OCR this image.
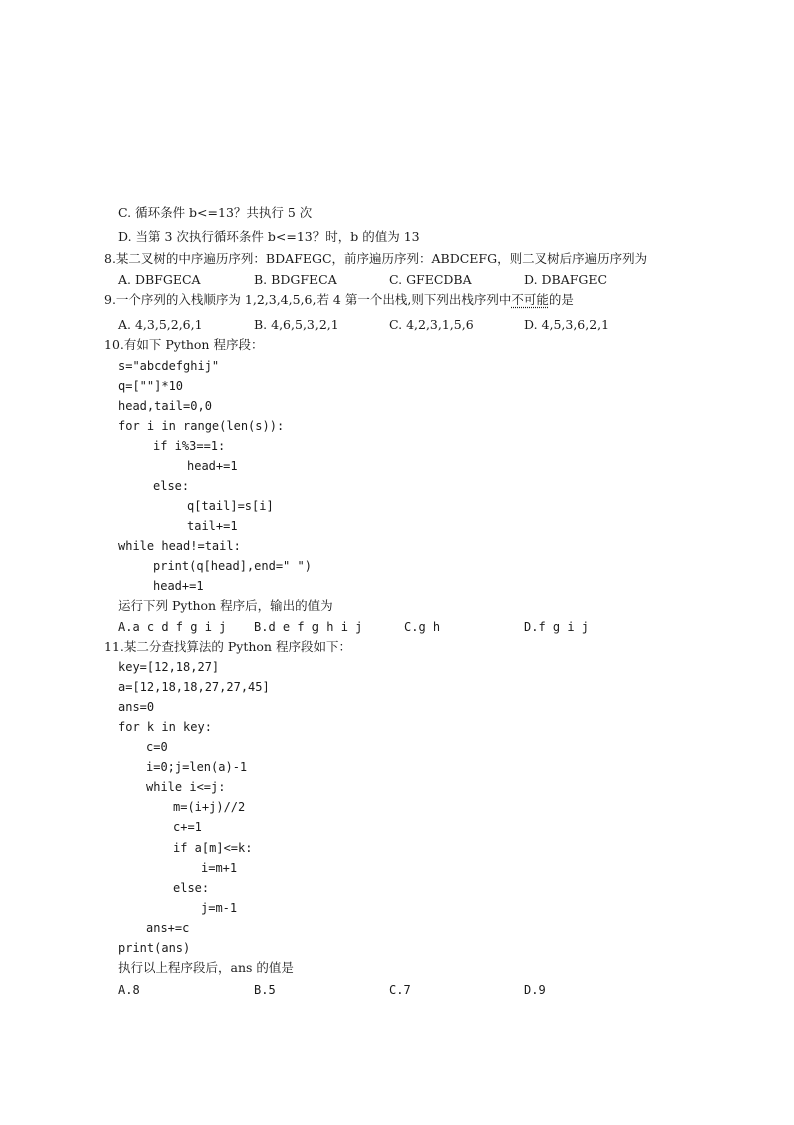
C. 循环条件 b<=13？共执行 5 次
D. 当第 3 次执行循环条件 b<=13？时，b 的值为 13
8.某二叉树的中序遍历序列：BDAFEGC，前序遍历序列：ABDCEFG，则二叉树后序遍历序列为
A. DBFGECA	B. BDGFECA	C. GFECDBA	D. DBAFGEC
9.一个序列的入栈顺序为 1,2,3,4,5,6,若 4 第一个出栈,则下列出栈序列中不可能的是
A. 4,3,5,2,6,1	B. 4,6,5,3,2,1	C. 4,2,3,1,5,6	D. 4,5,3,6,2,1
10.有如下 Python 程序段：
s="abcdefghij"
q=[""]*10
head,tail=0,0
for i in range(len(s)):
if i%3==1:
head+=1
else:
q[tail]=s[i]
tail+=1
while head!=tail:
print(q[head],end=" ")
head+=1
运行下列 Python 程序后，输出的值为
A.a c d f g i j B.d e f g h i j	C.g h	D.f g i j
11.某二分查找算法的 Python 程序段如下：
key=[12,18,27]
a=[12,18,18,27,27,45]
ans=0
for k in key:
c=0
i=0;j=len(a)-1
while i<=j:
m=(i+j)//2
c+=1
if a[m]<=k:
i=m+1
else:
j=m-1
ans+=c
print(ans)
执行以上程序段后，ans 的值是
A.8	B.5	C.7	D.9
